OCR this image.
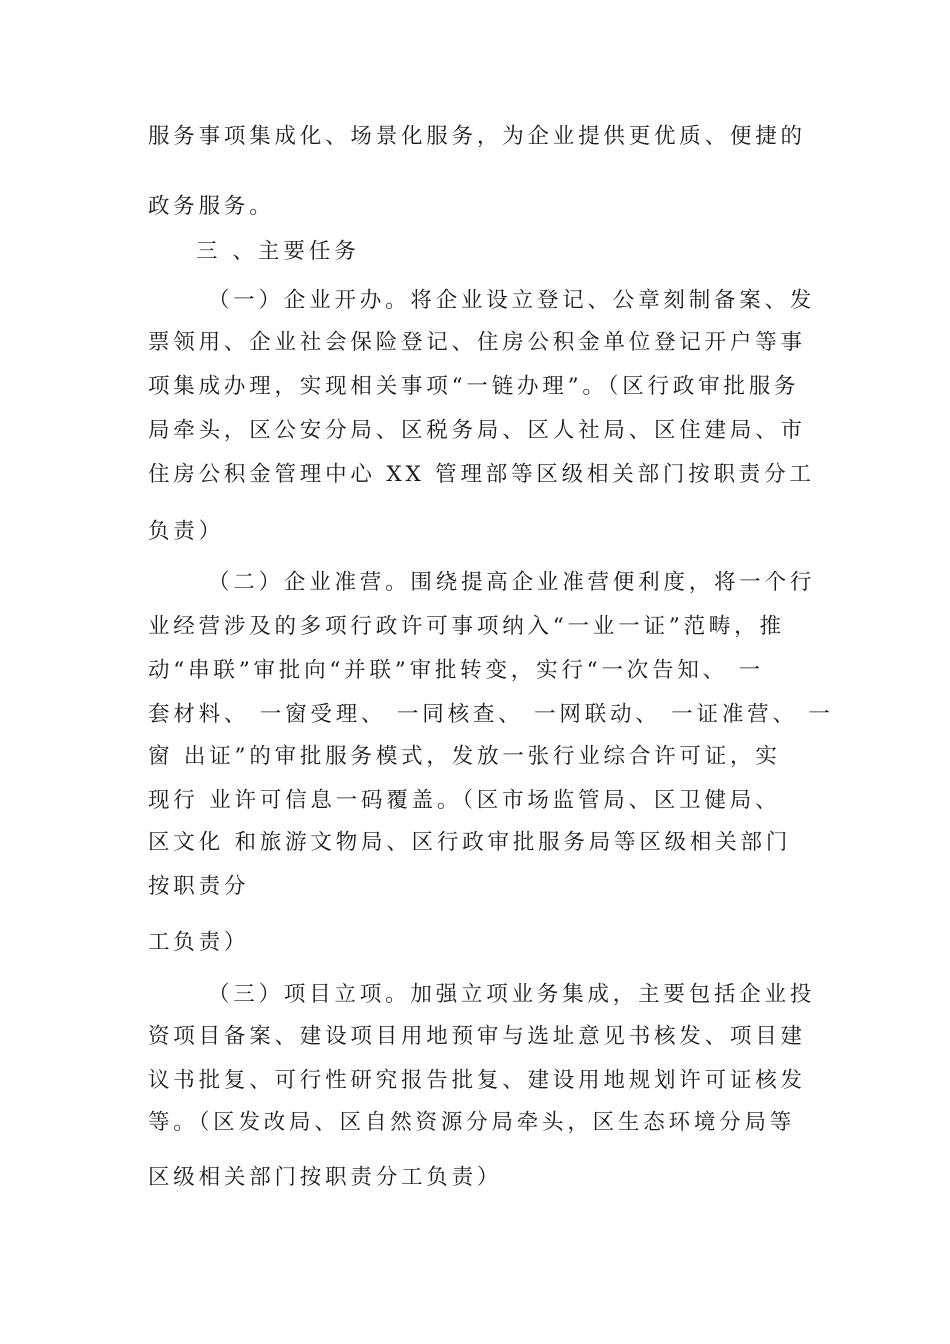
服务事项集成化、场景化服务，为企业提供更优质、便捷的
政务服务。
三 、主要任务
（一）企业开办。将企业设立登记、公章刻制备案、发
票领用、企业社会保险登记、住房公积金单位登记开户等事
项集成办理，实现相关事项“一链办理”。（区行政审批服务
局牵头，区公安分局、区税务局、区人社局、区住建局、市
住房公积金管理中心 XX 管理部等区级相关部门按职责分工
负责）
（二）企业准营。围绕提高企业准营便利度，将一个行
业经营涉及的多项行政许可事项纳入“一业一证”范畴，推
动“串联”审批向“并联”审批转变，实行“一次告知、 一
套材料、 一窗受理、 一同核查、 一网联动、 一证准营、 一
窗 出证”的审批服务模式，发放一张行业综合许可证，实
现行 业许可信息一码覆盖。（区市场监管局、区卫健局、
区文化 和旅游文物局、区行政审批服务局等区级相关部门
按职责分
工负责）
（三）项目立项。加强立项业务集成，主要包括企业投
资项目备案、建设项目用地预审与选址意见书核发、项目建
议书批复、可行性研究报告批复、建设用地规划许可证核发
等。（区发改局、区自然资源分局牵头，区生态环境分局等
区级相关部门按职责分工负责）
